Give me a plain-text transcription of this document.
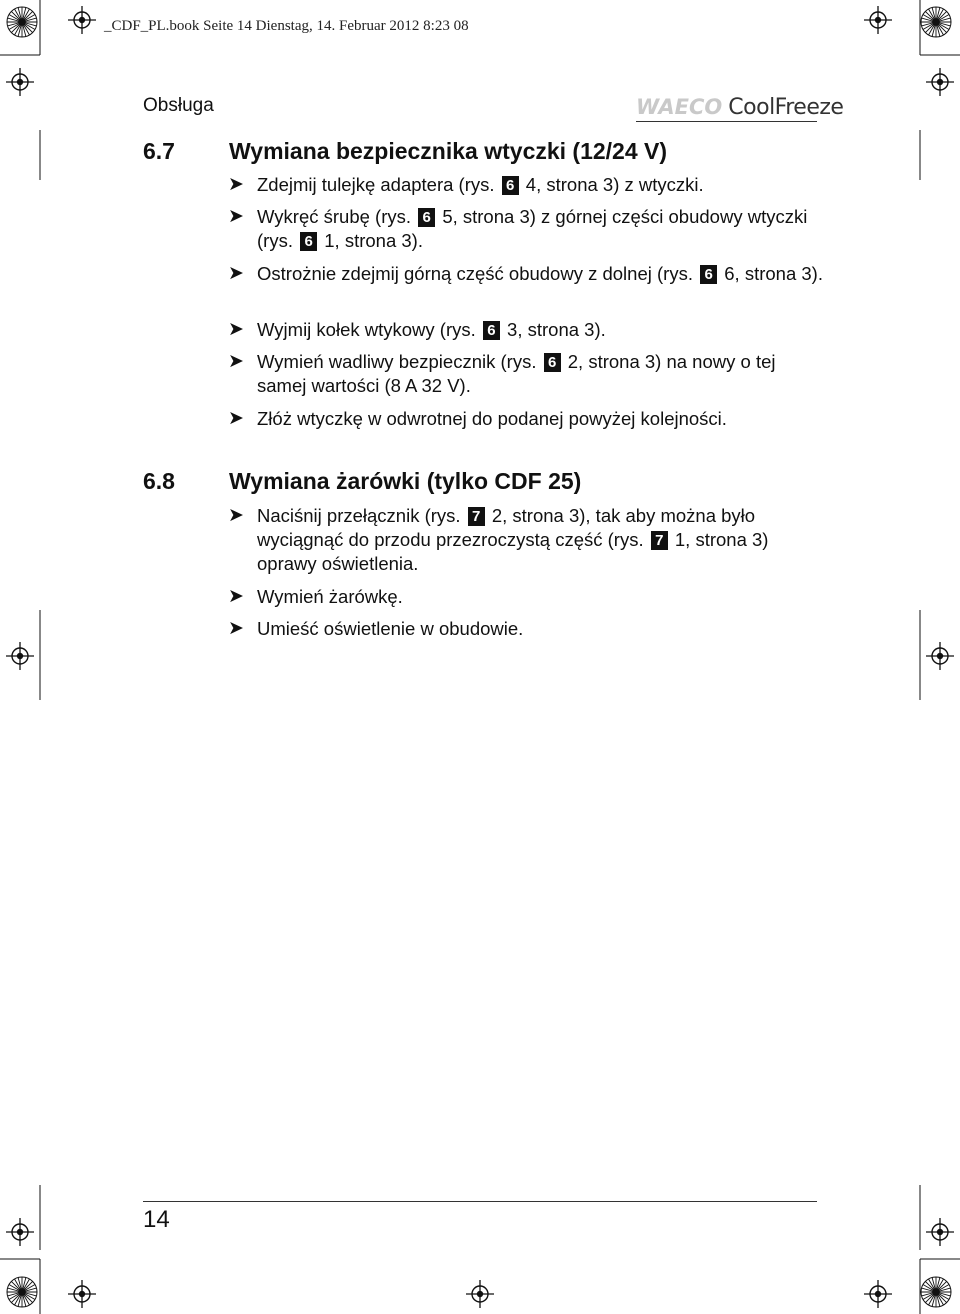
_CDF_PL.book Seite 14 Dienstag, 14. Februar 2012 8:23 08
Obsługa	WAECO CoolFreeze
6.7 Wymiana bezpiecznika wtyczki (12/24 V)
➤ Zdejmij tulejkę adaptera (rys. 6 4, strona 3) z wtyczki.
➤ Wykręć śrubę (rys. 6 5, strona 3) z górnej części obudowy wtyczki (rys. 6 1, strona 3).
➤ Ostrożnie zdejmij górną część obudowy z dolnej (rys. 6 6, strona 3).
➤ Wyjmij kołek wtykowy (rys. 6 3, strona 3).
➤ Wymień wadliwy bezpiecznik (rys. 6 2, strona 3) na nowy o tej samej wartości (8 A 32 V).
➤ Złóż wtyczkę w odwrotnej do podanej powyżej kolejności.
6.8 Wymiana żarówki (tylko CDF 25)
➤ Naciśnij przełącznik (rys. 7 2, strona 3), tak aby można było wyciągnąć do przodu przezroczystą część (rys. 7 1, strona 3) oprawy oświetlenia.
➤ Wymień żarówkę.
➤ Umieść oświetlenie w obudowie.
14
